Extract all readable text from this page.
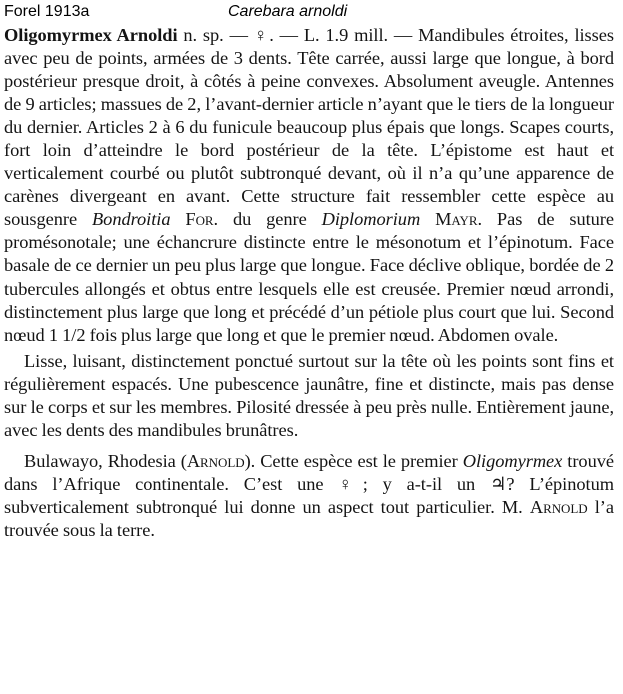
Forel 1913a	Carebara arnoldi

Oligomyrmex Arnoldi n. sp. — ♀. — L. 1.9 mill. — Mandibules étroites, lisses avec peu de points, armées de 3 dents. Tête carrée, aussi large que longue, à bord postérieur presque droit, à côtés à peine convexes. Absolument aveugle. Antennes de 9 articles; massues de 2, l’avant-dernier article n’ayant que le tiers de la longueur du dernier. Articles 2 à 6 du funicule beaucoup plus épais que longs. Scapes courts, fort loin d’atteindre le bord postérieur de la tête. L’épistome est haut et verticalement courbé ou plutôt subtronqué devant, où il n’a qu’une apparence de carènes divergeant en avant. Cette structure fait ressembler cette espèce au sousgenre Bondroitia For. du genre Diplomorium Mayr. Pas de suture promésonotale; une échancrure distincte entre le mésonotum et l’épinotum. Face basale de ce dernier un peu plus large que longue. Face déclive oblique, bordée de 2 tubercules allongés et obtus entre lesquels elle est creusée. Premier nœud arrondi, distinctement plus large que long et précédé d’un pétiole plus court que lui. Second nœud 1 1/2 fois plus large que long et que le premier nœud. Abdomen ovale.

Lisse, luisant, distinctement ponctué surtout sur la tête où les points sont fins et régulièrement espacés. Une pubescence jaunâtre, fine et distincte, mais pas dense sur le corps et sur les membres. Pilosité dressée à peu près nulle. Entièrement jaune, avec les dents des mandibules brunâtres.

Bulawayo, Rhodesia (Arnold). Cette espèce est le premier Oligomyrmex trouvé dans l’Afrique continentale. C’est une ♀; y a-t-il un ♃? L’épinotum subverticalement subtronqué lui donne un aspect tout particulier. M. Arnold l’a trouvée sous la terre.
